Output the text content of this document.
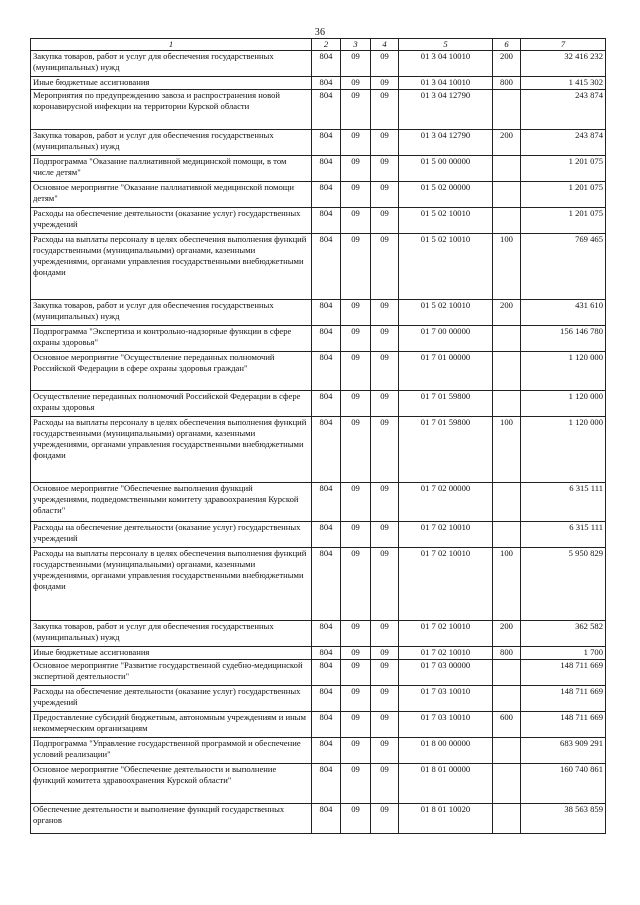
36
1	2	3	4	5	6	7
Закупка товаров, работ и услуг для обеспечения государственных (муниципальных) нужд	804	09	09	01 3 04 10010	200	32 416 232
Иные бюджетные ассигнования	804	09	09	01 3 04 10010	800	1 415 302
Мероприятия по предупреждению завоза и распространения новой коронавирусной инфекции на территории Курской области	804	09	09	01 3 04 12790		243 874
Закупка товаров, работ и услуг для обеспечения государственных (муниципальных) нужд	804	09	09	01 3 04 12790	200	243 874
Подпрограмма "Оказание паллиативной медицинской помощи, в том числе детям"	804	09	09	01 5 00 00000		1 201 075
Основное мероприятие "Оказание паллиативной медицинской помощи детям"	804	09	09	01 5 02 00000		1 201 075
Расходы на обеспечение деятельности (оказание услуг) государственных учреждений	804	09	09	01 5 02 10010		1 201 075
Расходы на выплаты персоналу в целях обеспечения выполнения функций государственными (муниципальными) органами, казенными учреждениями, органами управления государственными внебюджетными фондами	804	09	09	01 5 02 10010	100	769 465
Закупка товаров, работ и услуг для обеспечения государственных (муниципальных) нужд	804	09	09	01 5 02 10010	200	431 610
Подпрограмма "Экспертиза и контрольно-надзорные функции в сфере охраны здоровья"	804	09	09	01 7 00 00000		156 146 780
Основное мероприятие "Осуществление переданных полномочий Российской Федерации в сфере охраны здоровья граждан"	804	09	09	01 7 01 00000		1 120 000
Осуществление переданных полномочий Российской Федерации в сфере охраны здоровья	804	09	09	01 7 01 59800		1 120 000
Расходы на выплаты персоналу в целях обеспечения выполнения функций государственными (муниципальными) органами, казенными учреждениями, органами управления государственными внебюджетными фондами	804	09	09	01 7 01 59800	100	1 120 000
Основное мероприятие "Обеспечение выполнения функций учреждениями, подведомственными комитету здравоохранения Курской области"	804	09	09	01 7 02 00000		6 315 111
Расходы на обеспечение деятельности (оказание услуг) государственных учреждений	804	09	09	01 7 02 10010		6 315 111
Расходы на выплаты персоналу в целях обеспечения выполнения функций государственными (муниципальными) органами, казенными учреждениями, органами управления государственными внебюджетными фондами	804	09	09	01 7 02 10010	100	5 950 829
Закупка товаров, работ и услуг для обеспечения государственных (муниципальных) нужд	804	09	09	01 7 02 10010	200	362 582
Иные бюджетные ассигнования	804	09	09	01 7 02 10010	800	1 700
Основное мероприятие "Развитие государственной судебно-медицинской экспертной деятельности"	804	09	09	01 7 03 00000		148 711 669
Расходы на обеспечение деятельности (оказание услуг) государственных учреждений	804	09	09	01 7 03 10010		148 711 669
Предоставление субсидий бюджетным, автономным учреждениям и иным некоммерческим организациям	804	09	09	01 7 03 10010	600	148 711 669
Подпрограмма "Управление государственной программой и обеспечение условий реализации"	804	09	09	01 8 00 00000		683 909 291
Основное мероприятие "Обеспечение деятельности и выполнение функций комитета здравоохранения Курской области"	804	09	09	01 8 01 00000		160 740 861
Обеспечение деятельности и выполнение функций государственных органов	804	09	09	01 8 01 10020		38 563 859
